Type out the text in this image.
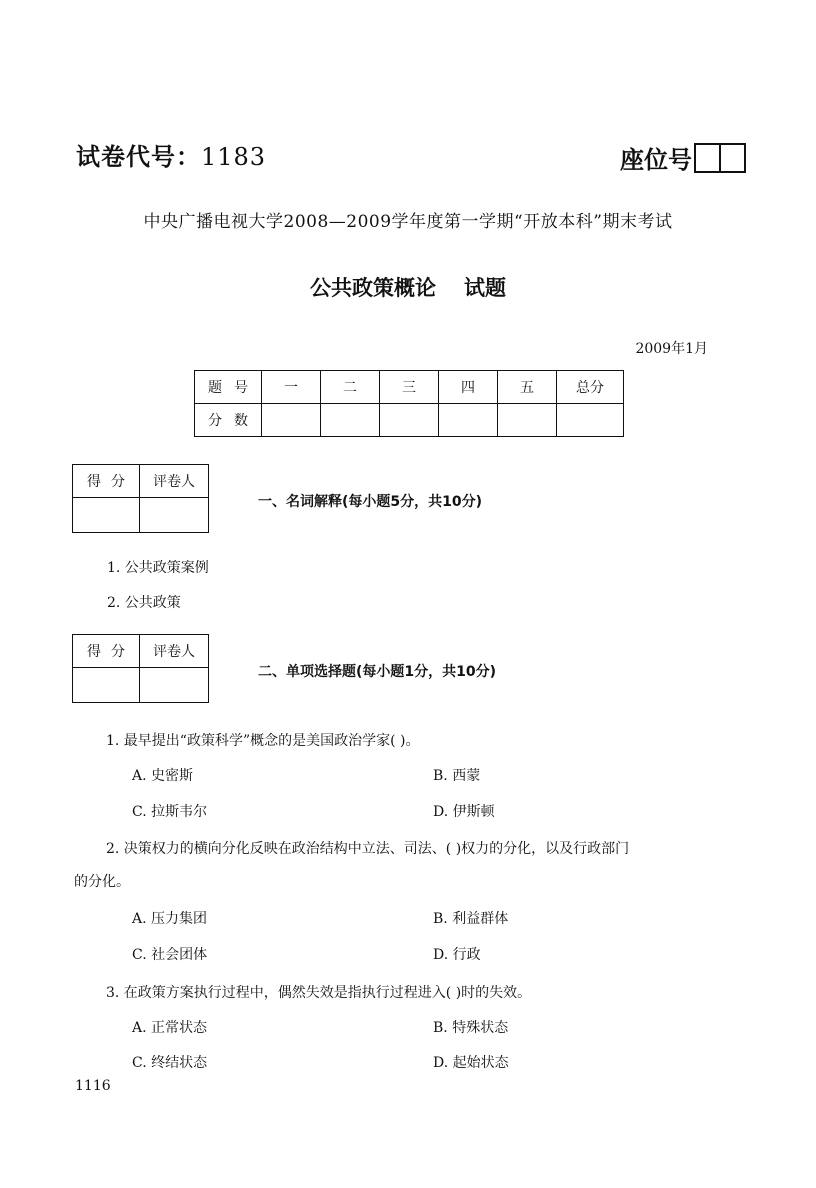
试卷代号：1183	座位号
中央广播电视大学2008—2009学年度第一学期“开放本科”期末考试
公共政策概论 试题
2009年1月
题号	一	二	三	四	五	总分
分数						
得分	评卷人

一、名词解释(每小题5分，共10分)
1. 公共政策案例
2. 公共政策
得分	评卷人

二、单项选择题(每小题1分，共10分)
1. 最早提出“政策科学”概念的是美国政治学家( )。
A. 史密斯	B. 西蒙
C. 拉斯韦尔	D. 伊斯顿
2. 决策权力的横向分化反映在政治结构中立法、司法、( )权力的分化，以及行政部门
的分化。
A. 压力集团	B. 利益群体
C. 社会团体	D. 行政
3. 在政策方案执行过程中，偶然失效是指执行过程进入( )时的失效。
A. 正常状态	B. 特殊状态
C. 终结状态	D. 起始状态
1116
